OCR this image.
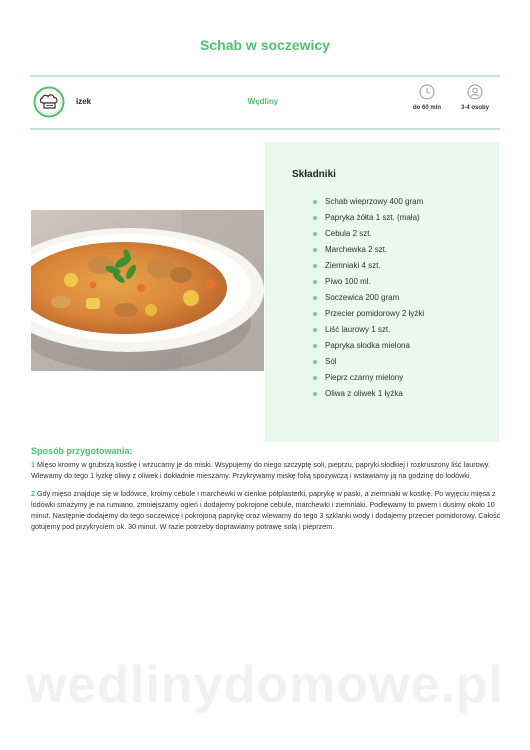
Schab w soczewicy
izek	Wędliny
do 60 min	3-4 osoby
Składniki
Schab wieprzowy 400 gram
Papryka żółta 1 szt. (mała)
Cebula 2 szt.
Marchewka 2 szt.
Ziemniaki 4 szt.
Piwo 100 ml.
Soczewica 200 gram
Przecier pomidorowy 2 łyżki
Liść laurowy 1 szt.
Papryka słodka mielona
Sól
Pieprz czarny mielony
Oliwa z oliwek 1 łyżka

Sposób przygotowania:

1 Mięso kroimy w grubszą kostkę i wrzucamy je do miski. Wsypujemy do niego szczyptę soli, pieprzu, papryki słodkiej i rozkruszony liść laurowy. Wlewamy do tego 1 łyżkę oliwy z oliwek i dokładnie mieszamy. Przykrywamy miskę folią spożywczą i wstawiamy ją na godzinę do lodówki.

2 Gdy mięso znajduje się w lodówce, kroimy cebule i marchewki w cienkie półplasterki, paprykę w paski, a ziemniaki w kostkę. Po wyjęciu mięsa z lodówki smażymy je na rumiano, zmniejszamy ogień i dodajemy pokrojone cebule, marchewki i ziemniaki. Podlewamy to piwem i dusimy około 10 minut. Następnie dodajemy do tego soczewicę i pokrojoną paprykę oraz wlewamy do tego 3 szklanki wody i dodajemy przecier pomidorowy. Całość gotujemy pod przykryciem ok. 30 minut. W razie potrzeby doprawiamy potrawę solą i pieprzem.

wedlinydomowe.pl
